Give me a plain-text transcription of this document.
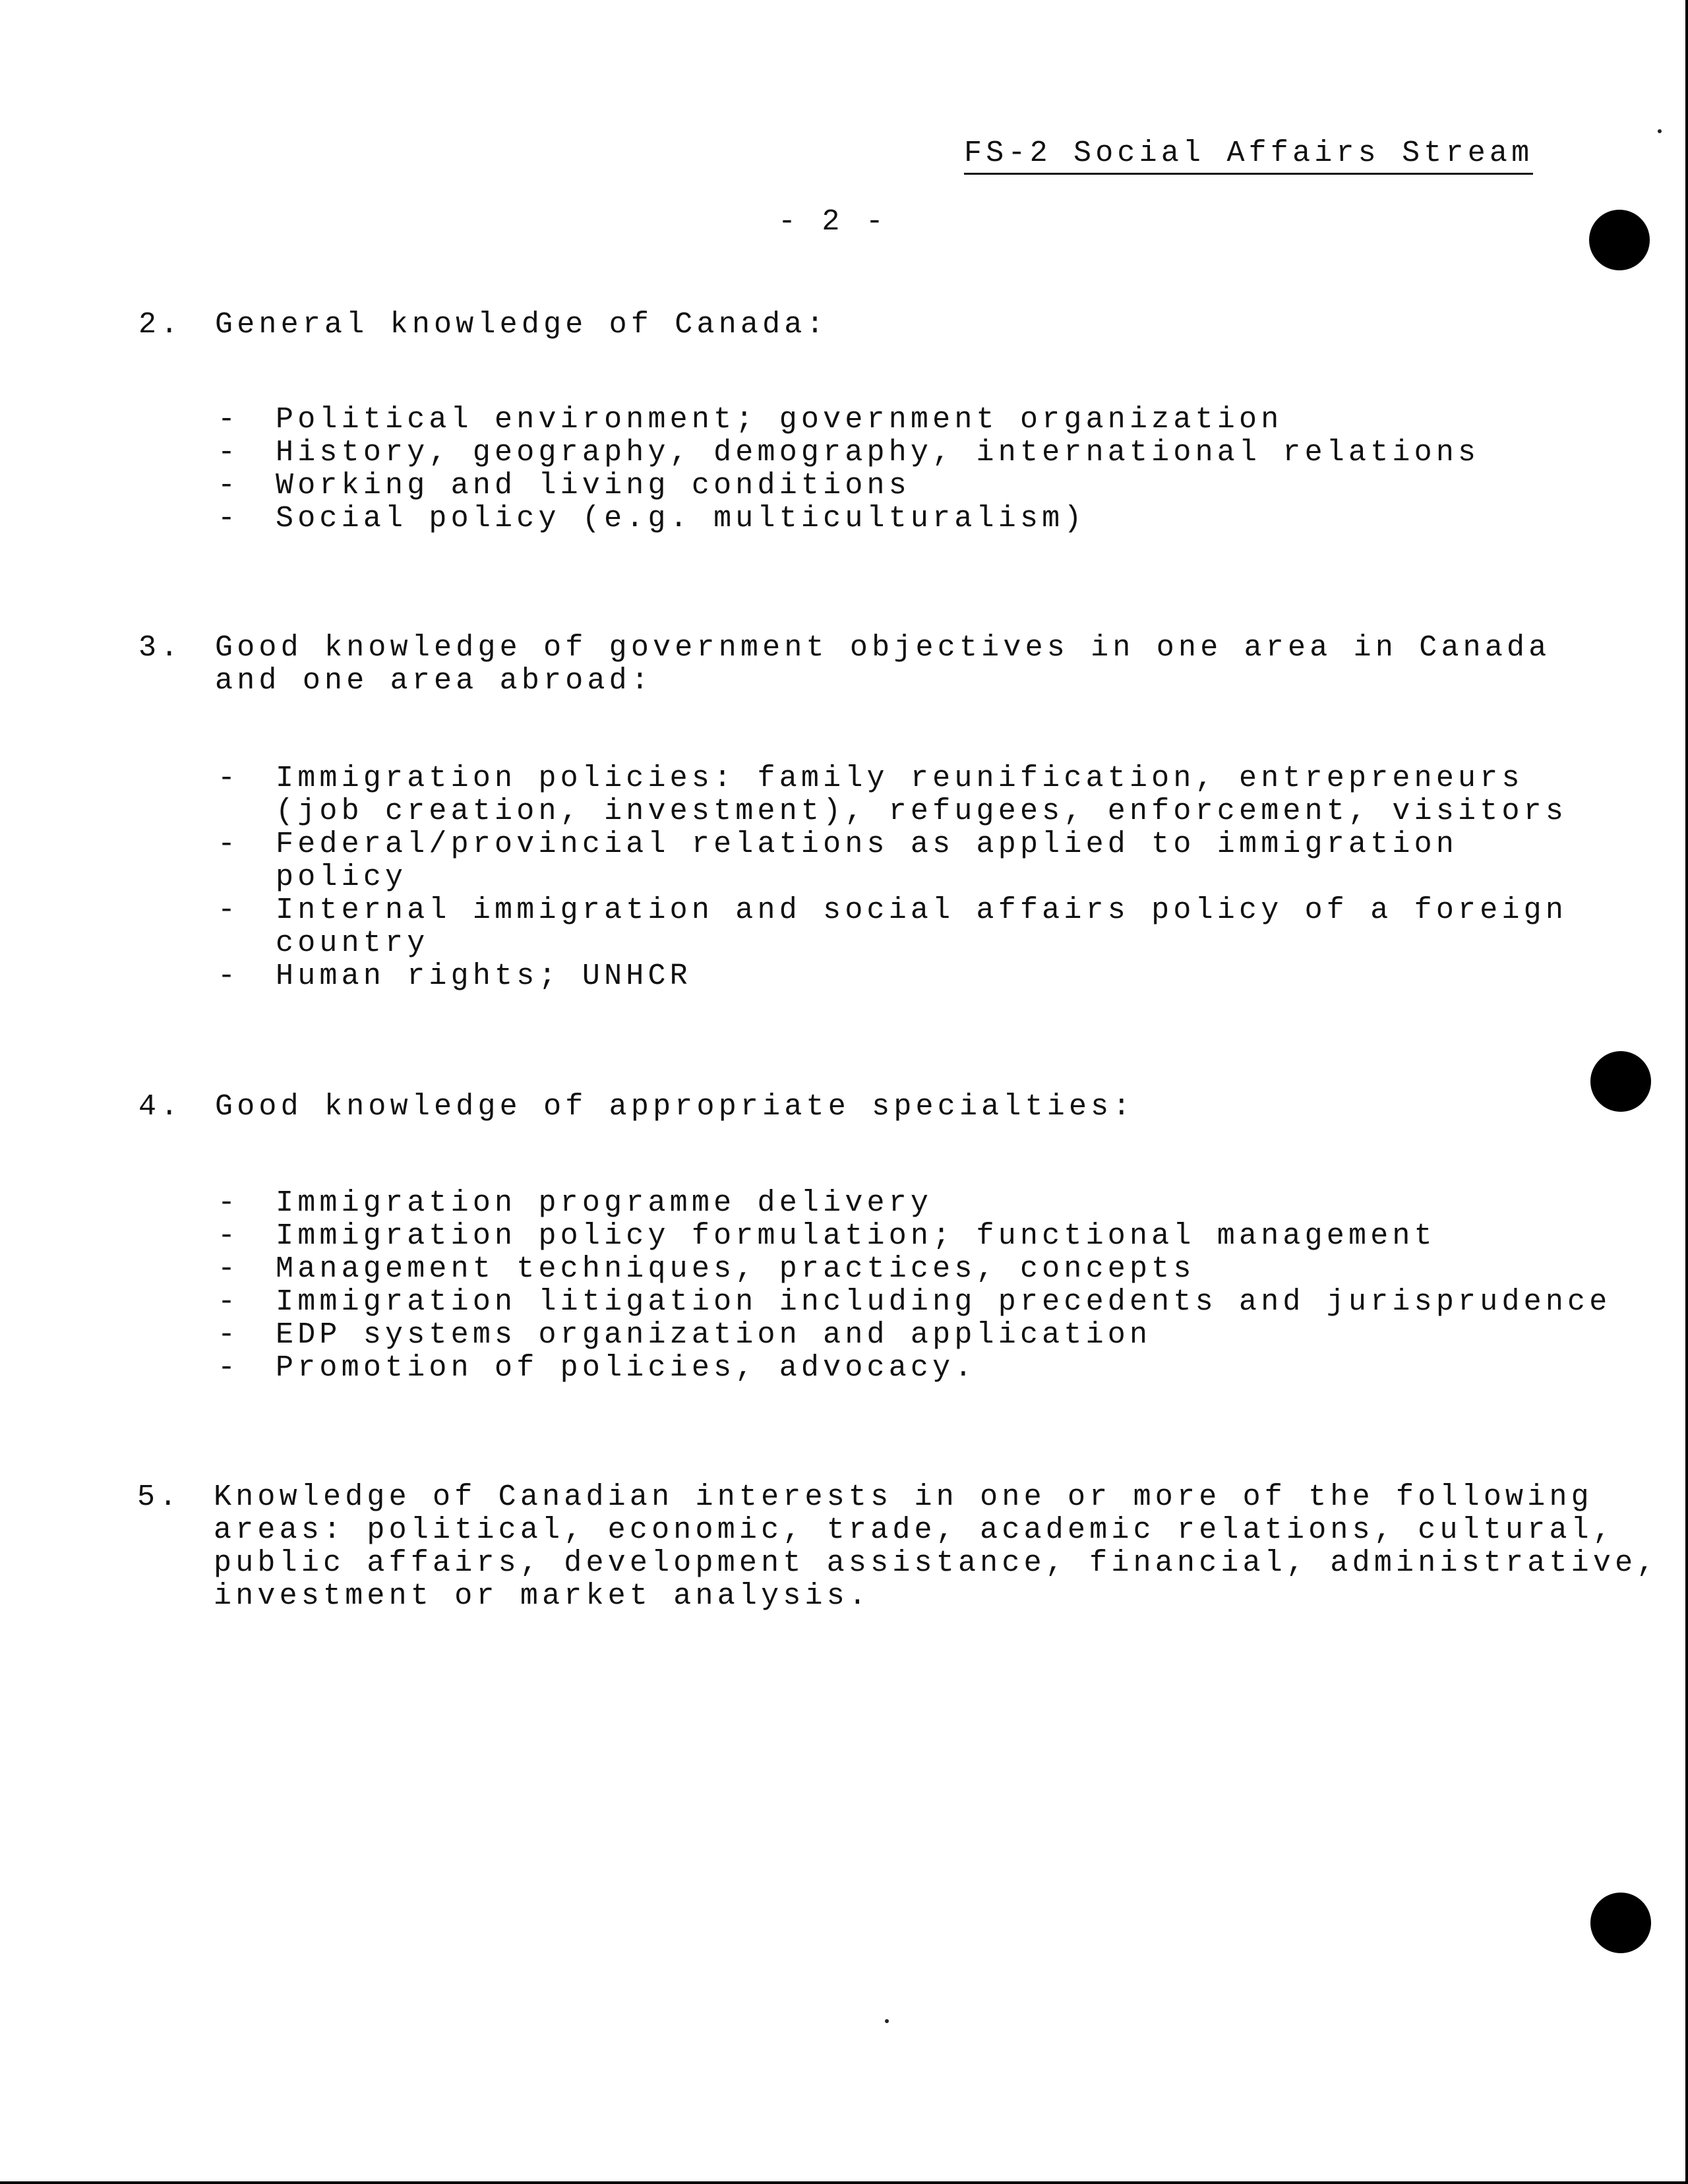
FS-2 Social Affairs Stream
- 2 -
2. General knowledge of Canada:
- Political environment; government organization
- History, geography, demography, international relations
- Working and living conditions
- Social policy (e.g. multiculturalism)
3. Good knowledge of government objectives in one area in Canada
and one area abroad:
- Immigration policies: family reunification, entrepreneurs
(job creation, investment), refugees, enforcement, visitors
- Federal/provincial relations as applied to immigration
policy
- Internal immigration and social affairs policy of a foreign
country
- Human rights; UNHCR
4. Good knowledge of appropriate specialties:
- Immigration programme delivery
- Immigration policy formulation; functional management
- Management techniques, practices, concepts
- Immigration litigation including precedents and jurisprudence
- EDP systems organization and application
- Promotion of policies, advocacy.
5. Knowledge of Canadian interests in one or more of the following
areas: political, economic, trade, academic relations, cultural,
public affairs, development assistance, financial, administrative,
investment or market analysis.
